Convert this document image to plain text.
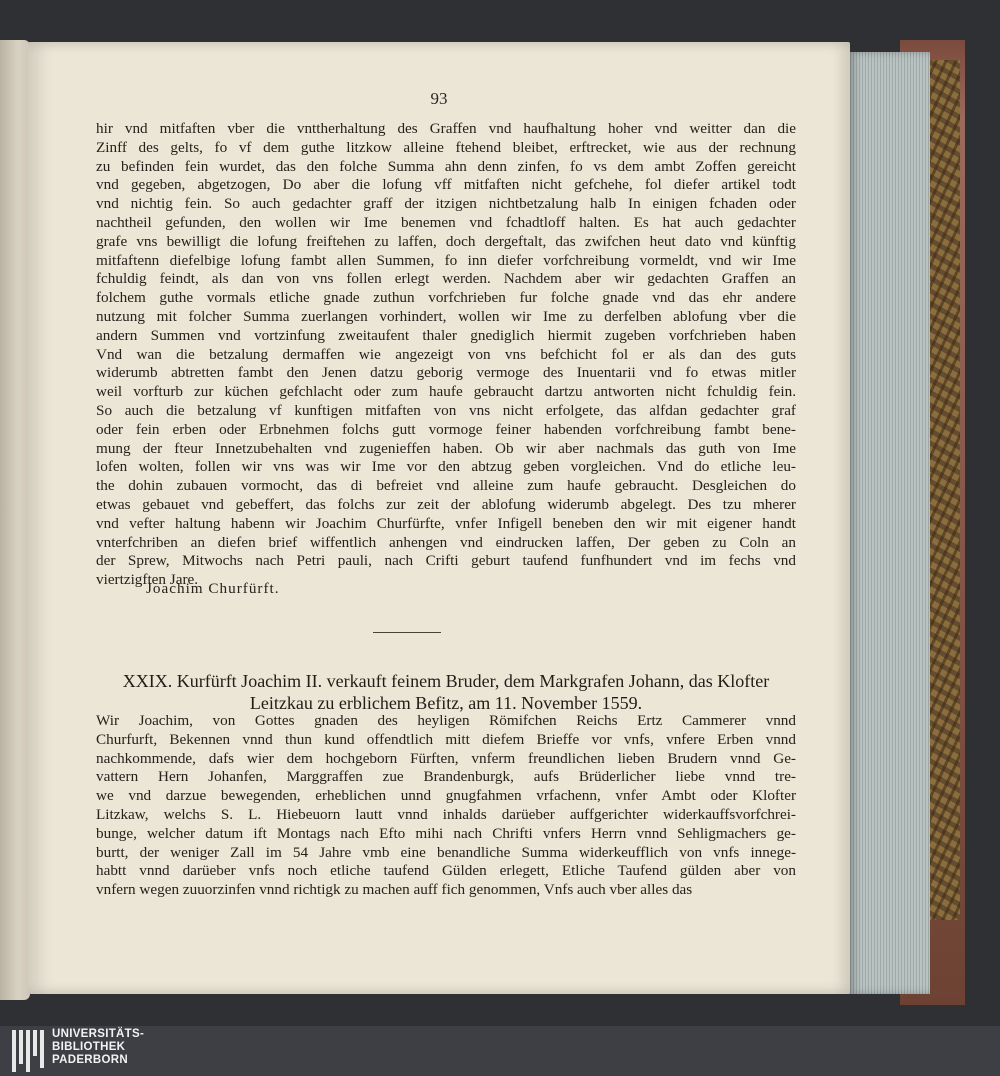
93
hir vnd mitfaften vber die vnttherhaltung des Graffen vnd haufhaltung hoher vnd weitter dan die
Zinff des gelts, fo vf dem guthe litzkow alleine ftehend bleibet, erftrecket, wie aus der rechnung
zu befinden fein wurdet, das den folche Summa ahn denn zinfen, fo vs dem ambt Zoffen gereicht
vnd gegeben, abgetzogen, Do aber die lofung vff mitfaften nicht gefchehe, fol diefer artikel todt
vnd nichtig fein. So auch gedachter graff der itzigen nichtbetzalung halb In einigen fchaden oder
nachtheil gefunden, den wollen wir Ime benemen vnd fchadtloff halten. Es hat auch gedachter
grafe vns bewilligt die lofung freiftehen zu laffen, doch dergeftalt, das zwifchen heut dato vnd künftig
mitfaftenn diefelbige lofung fambt allen Summen, fo inn diefer vorfchreibung vormeldt, vnd wir Ime
fchuldig feindt, als dan von vns follen erlegt werden. Nachdem aber wir gedachten Graffen an
folchem guthe vormals etliche gnade zuthun vorfchrieben fur folche gnade vnd das ehr andere
nutzung mit folcher Summa zuerlangen vorhindert, wollen wir Ime zu derfelben ablofung vber die
andern Summen vnd vortzinfung zweitaufent thaler gnediglich hiermit zugeben vorfchrieben haben
Vnd wan die betzalung dermaffen wie angezeigt von vns befchicht fol er als dan des guts
widerumb abtretten fambt den Jenen datzu geborig vermoge des Inuentarii vnd fo etwas mitler
weil vorfturb zur küchen gefchlacht oder zum haufe gebraucht dartzu antworten nicht fchuldig fein.
So auch die betzalung vf kunftigen mitfaften von vns nicht erfolgete, das alfdan gedachter graf
oder fein erben oder Erbnehmen folchs gutt vormoge feiner habenden vorfchreibung fambt bene-
mung der fteur Innetzubehalten vnd zugenieffen haben. Ob wir aber nachmals das guth von Ime
lofen wolten, follen wir vns was wir Ime vor den abtzug geben vorgleichen. Vnd do etliche leu-
the dohin zubauen vormocht, das di befreiet vnd alleine zum haufe gebraucht. Desgleichen do
etwas gebauet vnd gebeffert, das folchs zur zeit der ablofung widerumb abgelegt. Des tzu mherer
vnd vefter haltung habenn wir Joachim Churfürfte, vnfer Infigell beneben den wir mit eigener handt
vnterfchriben an diefen brief wiffentlich anhengen vnd eindrucken laffen, Der geben zu Coln an
der Sprew, Mitwochs nach Petri pauli, nach Crifti geburt taufend funfhundert vnd im fechs vnd
viertzigften Jare.
Joachim Churfürft.
XXIX. Kurfürft Joachim II. verkauft feinem Bruder, dem Markgrafen Johann, das Klofter
Leitzkau zu erblichem Befitz, am 11. November 1559.
Wir Joachim, von Gottes gnaden des heyligen Römifchen Reichs Ertz Cammerer vnnd
Churfurft, Bekennen vnnd thun kund offendtlich mitt diefem Brieffe vor vnfs, vnfere Erben vnnd
nachkommende, dafs wier dem hochgeborn Fürften, vnferm freundlichen lieben Brudern vnnd Ge-
vattern Hern Johanfen, Marggraffen zue Brandenburgk, aufs Brüderlicher liebe vnnd tre-
we vnd darzue bewegenden, erheblichen unnd gnugfahmen vrfachenn, vnfer Ambt oder Klofter
Litzkaw, welchs S. L. Hiebeuorn lautt vnnd inhalds darüeber auffgerichter widerkauffsvorfchrei-
bunge, welcher datum ift Montags nach Efto mihi nach Chrifti vnfers Herrn vnnd Sehligmachers ge-
burtt, der weniger Zall im 54 Jahre vmb eine benandliche Summa widerkeufflich von vnfs innege-
habtt vnnd darüeber vnfs noch etliche taufend Gülden erlegett, Etliche Taufend gülden aber von
vnfern wegen zuuorzinfen vnnd richtigk zu machen auff fich genommen, Vnfs auch vber alles das
UNIVERSITÄTS-
BIBLIOTHEK
PADERBORN
